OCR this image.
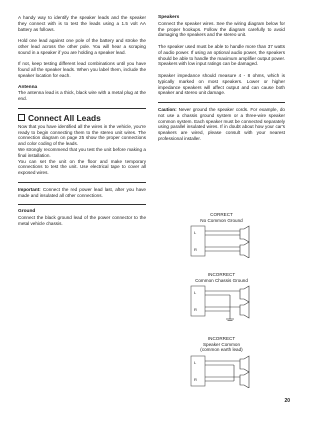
A handy way to identify the speaker leads and the speaker they connect with is to test the leads using a 1.5 volt AA battery as follows.

Hold one lead against one pole of the battery and stroke the other lead across the other pole. You will hear a scraping sound in a speaker if you are holding a speaker lead.

If not, keep testing different lead combinations until you have found all the speaker leads. When you label them, include the speaker location for each.

Antenna

The antenna lead is a thick, black wire with a metal plug at the end.

Connect All Leads

Now that you have identified all the wires in the vehicle, you're ready to begin connecting them to the stereo unit wires. The connection diagram on page 25 show the proper connections and color coding of the leads.

We strongly recommend that you test the unit before making a final installation.

You can set the unit on the floor and make temporary connections to test the unit. Use electrical tape to cover all exposed wires.

Important: Connect the red power lead last, after you have made and insulated all other connections.

Ground

Connect the black ground lead of the power connector to the metal vehicle chassis.

Speakers

Connect the speaker wires. See the wiring diagram below for the proper hookups. Follow the diagram carefully to avoid damaging the speakers and the stereo unit.

The speaker used must be able to handle more than 37 watts of audio power. If using an optional audio power, the speakers should be able to handle the maximum amplifier output power. Speakers with low input ratings can be damaged.

Speaker impedance should measure 4 - 8 ohms, which is typically marked on most speakers. Lower or higher impedance speakers will affect output and can cause both speaker and stereo unit damage.

Caution: Never ground the speaker cords. For example, do not use a chassis ground system or a three-wire speaker common system. Each speaker must be connected separately using parallel insulated wires. If in doubt about how your car's speakers are wired, please consult with your nearest professional installer.

CORRECT
No Common Ground
L
R
INCORRECT
Common Chassis Ground
L
R
INCORRECT
Speaker Common
(common earth lead)
L
R
20
